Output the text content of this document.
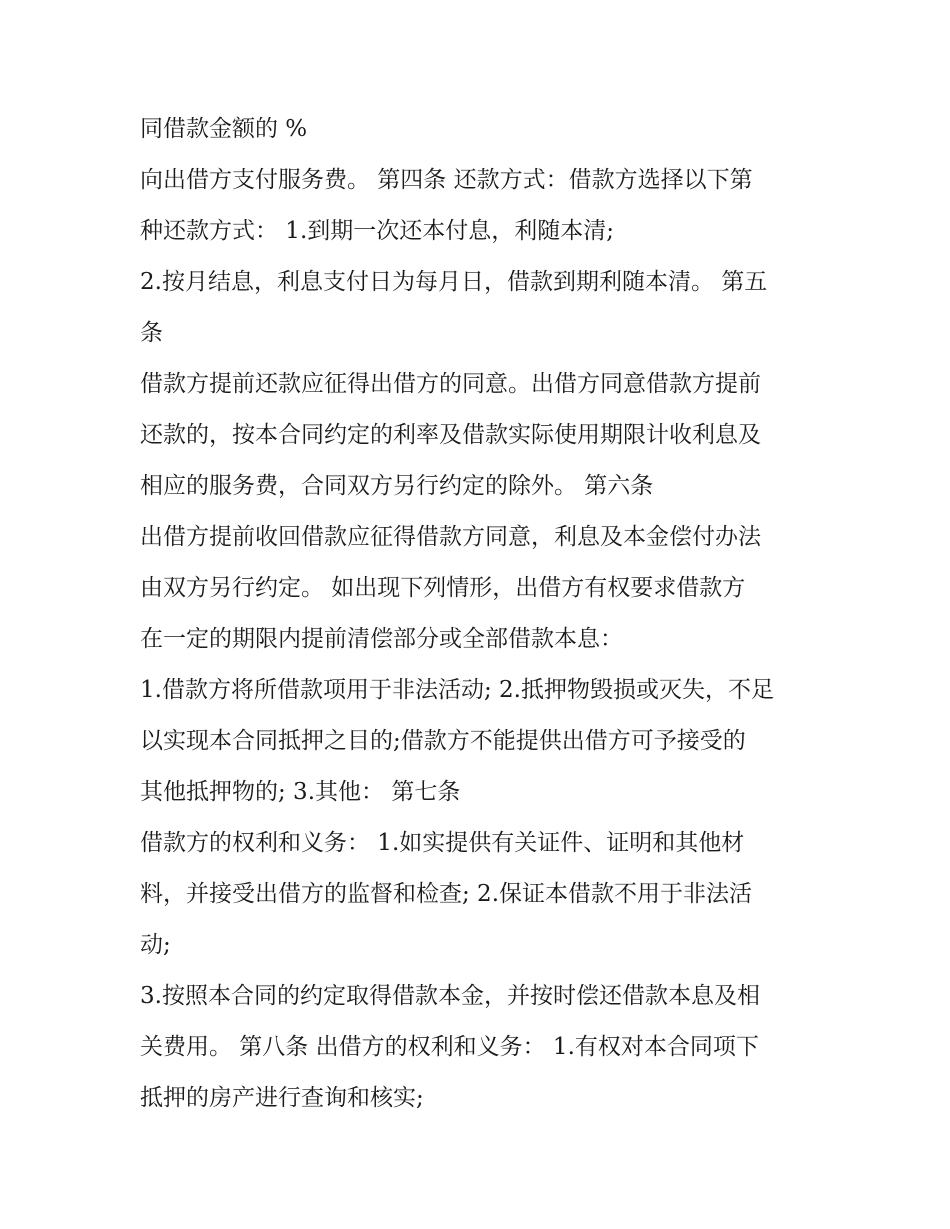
同借款金额的 %
向出借方支付服务费。 第四条 还款方式：借款方选择以下第
种还款方式： 1.到期一次还本付息，利随本清;
2.按月结息，利息支付日为每月日，借款到期利随本清。 第五
条
借款方提前还款应征得出借方的同意。出借方同意借款方提前
还款的，按本合同约定的利率及借款实际使用期限计收利息及
相应的服务费，合同双方另行约定的除外。 第六条
出借方提前收回借款应征得借款方同意，利息及本金偿付办法
由双方另行约定。 如出现下列情形，出借方有权要求借款方
在一定的期限内提前清偿部分或全部借款本息：
1.借款方将所借款项用于非法活动; 2.抵押物毁损或灭失，不足
以实现本合同抵押之目的;借款方不能提供出借方可予接受的
其他抵押物的; 3.其他： 第七条
借款方的权利和义务： 1.如实提供有关证件、证明和其他材
料，并接受出借方的监督和检查; 2.保证本借款不用于非法活
动;
3.按照本合同的约定取得借款本金，并按时偿还借款本息及相
关费用。 第八条 出借方的权利和义务： 1.有权对本合同项下
抵押的房产进行查询和核实;
